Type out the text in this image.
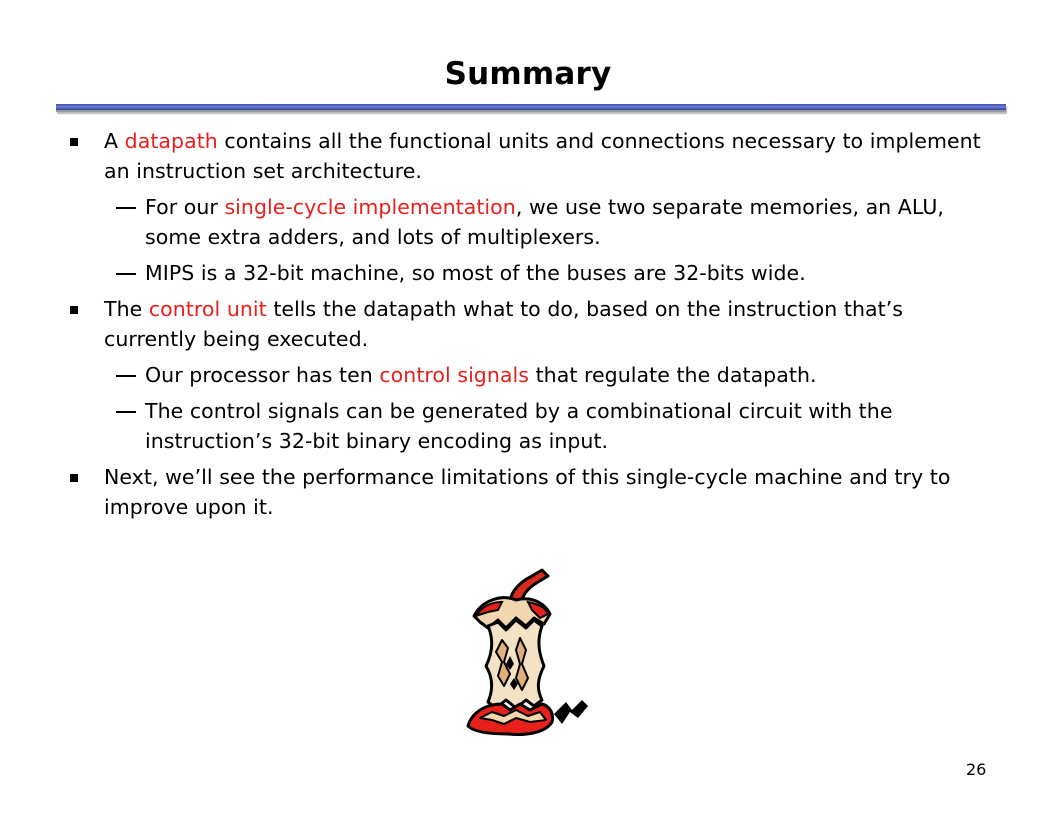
Summary
A datapath contains all the functional units and connections necessary to implement an instruction set architecture.
For our single-cycle implementation, we use two separate memories, an ALU, some extra adders, and lots of multiplexers.
MIPS is a 32-bit machine, so most of the buses are 32-bits wide.
The control unit tells the datapath what to do, based on the instruction that’s currently being executed.
Our processor has ten control signals that regulate the datapath.
The control signals can be generated by a combinational circuit with the instruction’s 32-bit binary encoding as input.
Next, we’ll see the performance limitations of this single-cycle machine and try to improve upon it.
26
